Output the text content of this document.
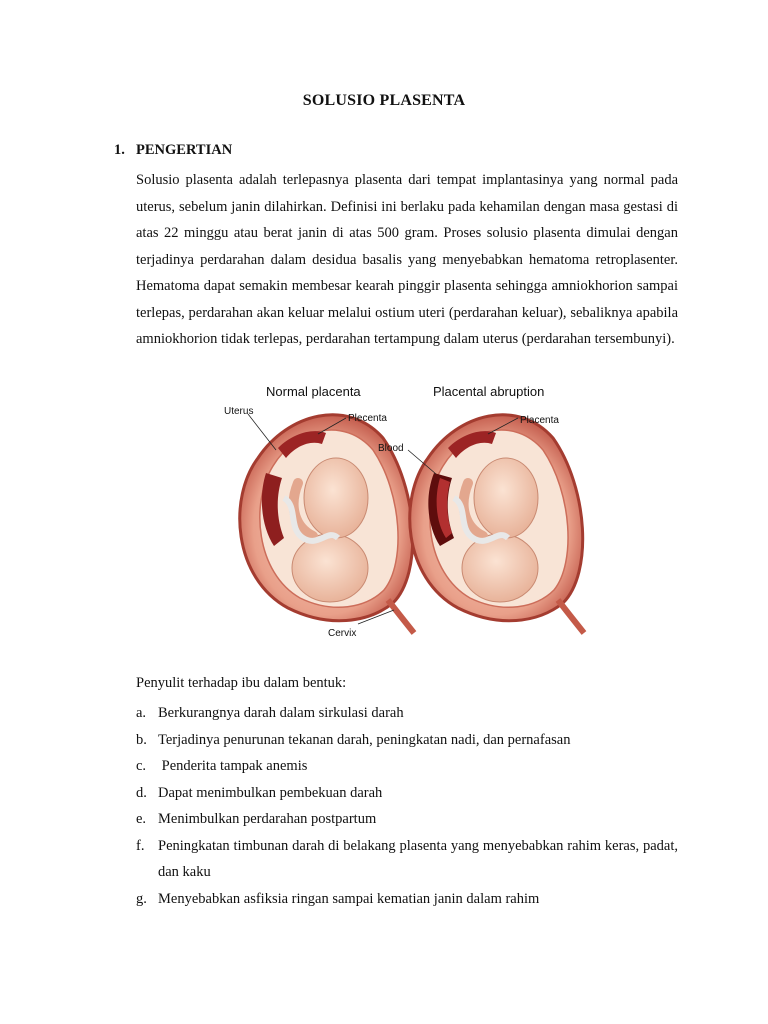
SOLUSIO PLASENTA
1. PENGERTIAN

Solusio plasenta adalah terlepasnya plasenta dari tempat implantasinya yang normal pada uterus, sebelum janin dilahirkan. Definisi ini berlaku pada kehamilan dengan masa gestasi di atas 22 minggu atau berat janin di atas 500 gram. Proses solusio plasenta dimulai dengan terjadinya perdarahan dalam desidua basalis yang menyebabkan hematoma retroplasenter. Hematoma dapat semakin membesar kearah pinggir plasenta sehingga amniokhorion sampai terlepas, perdarahan akan keluar melalui ostium uteri (perdarahan keluar), sebaliknya apabila amniokhorion tidak terlepas, perdarahan tertampung dalam uterus (perdarahan tersembunyi).

Normal placenta	Placental abruption
Uterus
Plecenta
Blood
Placenta
Cervix
Penyulit terhadap ibu dalam bentuk:
a. Berkurangnya darah dalam sirkulasi darah
b. Terjadinya penurunan tekanan darah, peningkatan nadi, dan pernafasan
c. Penderita tampak anemis
d. Dapat menimbulkan pembekuan darah
e. Menimbulkan perdarahan postpartum
f. Peningkatan timbunan darah di belakang plasenta yang menyebabkan rahim keras, padat, dan kaku
g. Menyebabkan asfiksia ringan sampai kematian janin dalam rahim
